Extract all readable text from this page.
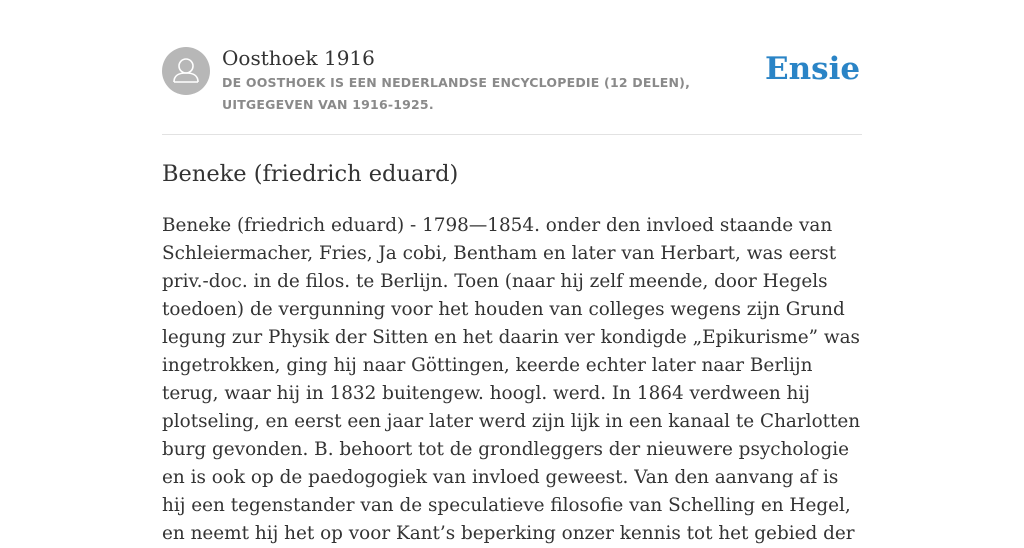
Oosthoek 1916
DE OOSTHOEK IS EEN NEDERLANDSE ENCYCLOPEDIE (12 DELEN), UITGEGEVEN VAN 1916-1925.
Ensie
Beneke (friedrich eduard)

Beneke (friedrich eduard) - 1798—1854. onder den invloed staande van Schleiermacher, Fries, Ja cobi, Bentham en later van Herbart, was eerst priv.-doc. in de filos. te Berlijn. Toen (naar hij zelf meende, door Hegels toedoen) de vergunning voor het houden van colleges wegens zijn Grund legung zur Physik der Sitten en het daarin ver kondigde „Epikurisme” was ingetrokken, ging hij naar Göttingen, keerde echter later naar Berlijn terug, waar hij in 1832 buitengew. hoogl. werd. In 1864 verdween hij plotseling, en eerst een jaar later werd zijn lijk in een kanaal te Charlotten burg gevonden. B. behoort tot de grondleggers der nieuwere psychologie en is ook op de paedogogiek van invloed geweest. Van den aanvang af is hij een tegenstander van de speculatieve filosofie van Schelling en Hegel, en neemt hij het op voor Kant’s beperking onzer kennis tot het gebied der
